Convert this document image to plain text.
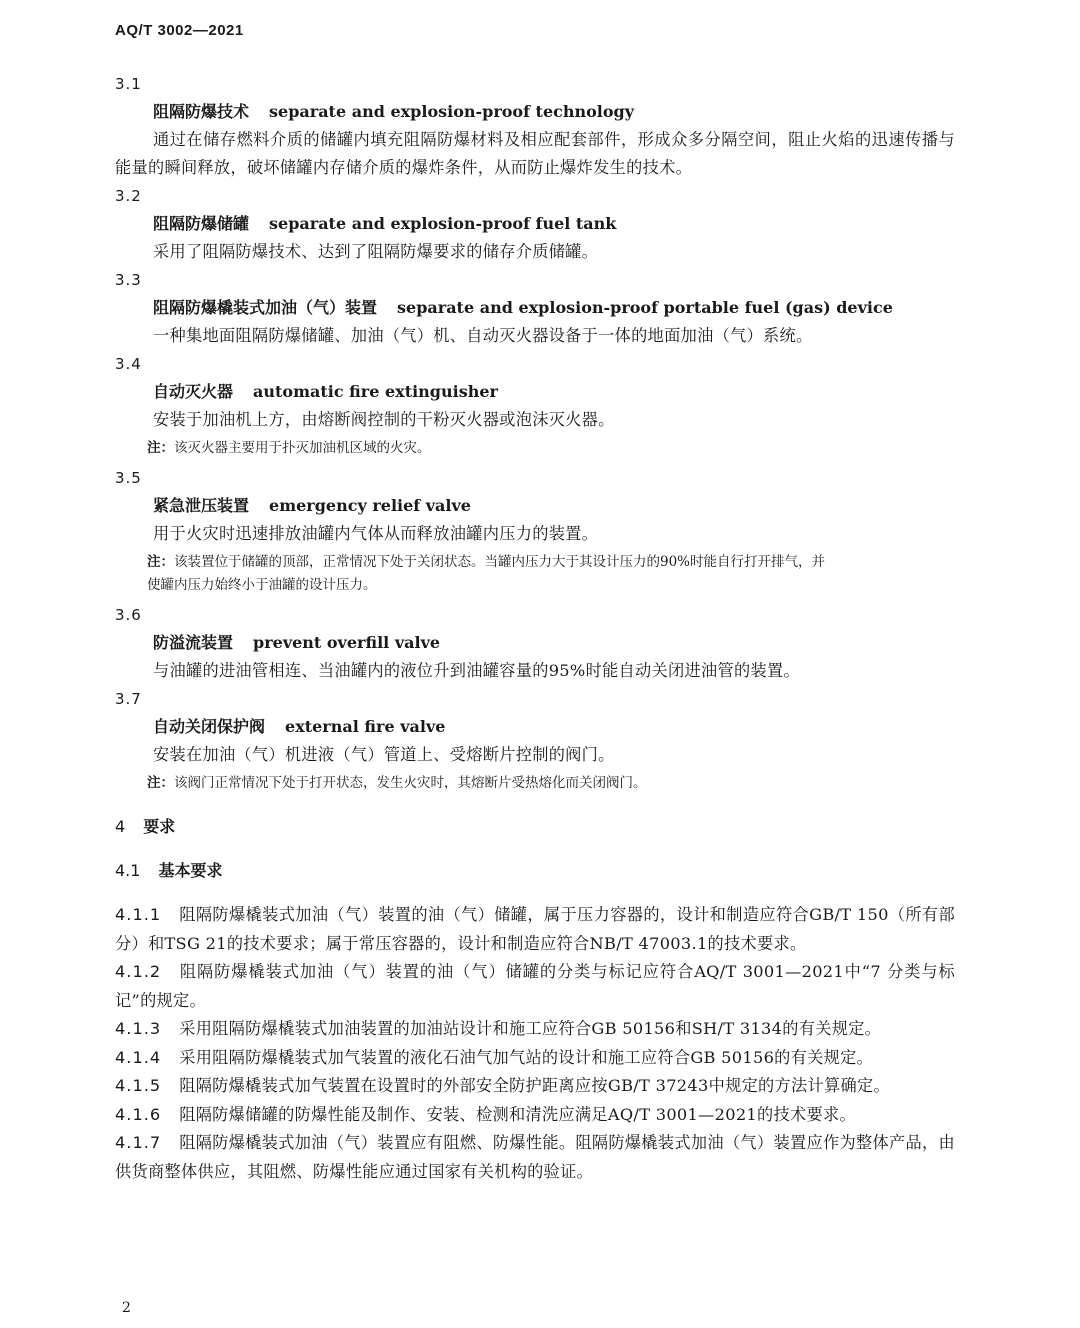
AQ/T 3002—2021
3.1
阻隔防爆技术 separate and explosion-proof technology
通过在储存燃料介质的储罐内填充阻隔防爆材料及相应配套部件，形成众多分隔空间，阻止火焰的迅速传播与能量的瞬间释放，破坏储罐内存储介质的爆炸条件，从而防止爆炸发生的技术。
3.2
阻隔防爆储罐 separate and explosion-proof fuel tank
采用了阻隔防爆技术、达到了阻隔防爆要求的储存介质储罐。
3.3
阻隔防爆橇装式加油（气）装置 separate and explosion-proof portable fuel (gas) device
一种集地面阻隔防爆储罐、加油（气）机、自动灭火器设备于一体的地面加油（气）系统。
3.4
自动灭火器 automatic fire extinguisher
安装于加油机上方，由熔断阀控制的干粉灭火器或泡沫灭火器。
注：该灭火器主要用于扑灭加油机区域的火灾。
3.5
紧急泄压装置 emergency relief valve
用于火灾时迅速排放油罐内气体从而释放油罐内压力的装置。
注：该装置位于储罐的顶部，正常情况下处于关闭状态。当罐内压力大于其设计压力的90%时能自行打开排气，并
使罐内压力始终小于油罐的设计压力。
3.6
防溢流装置 prevent overfill valve
与油罐的进油管相连、当油罐内的液位升到油罐容量的95%时能自动关闭进油管的装置。
3.7
自动关闭保护阀 external fire valve
安装在加油（气）机进液（气）管道上、受熔断片控制的阀门。
注：该阀门正常情况下处于打开状态，发生火灾时，其熔断片受热熔化而关闭阀门。
4 要求
4.1 基本要求
4.1.1 阻隔防爆橇装式加油（气）装置的油（气）储罐，属于压力容器的，设计和制造应符合GB/T 150（所有部分）和TSG 21的技术要求；属于常压容器的，设计和制造应符合NB/T 47003.1的技术要求。
4.1.2 阻隔防爆橇装式加油（气）装置的油（气）储罐的分类与标记应符合AQ/T 3001—2021中“7 分类与标记”的规定。
4.1.3 采用阻隔防爆橇装式加油装置的加油站设计和施工应符合GB 50156和SH/T 3134的有关规定。
4.1.4 采用阻隔防爆橇装式加气装置的液化石油气加气站的设计和施工应符合GB 50156的有关规定。
4.1.5 阻隔防爆橇装式加气装置在设置时的外部安全防护距离应按GB/T 37243中规定的方法计算确定。
4.1.6 阻隔防爆储罐的防爆性能及制作、安装、检测和清洗应满足AQ/T 3001—2021的技术要求。
4.1.7 阻隔防爆橇装式加油（气）装置应有阻燃、防爆性能。阻隔防爆橇装式加油（气）装置应作为整体产品，由供货商整体供应，其阻燃、防爆性能应通过国家有关机构的验证。
2
